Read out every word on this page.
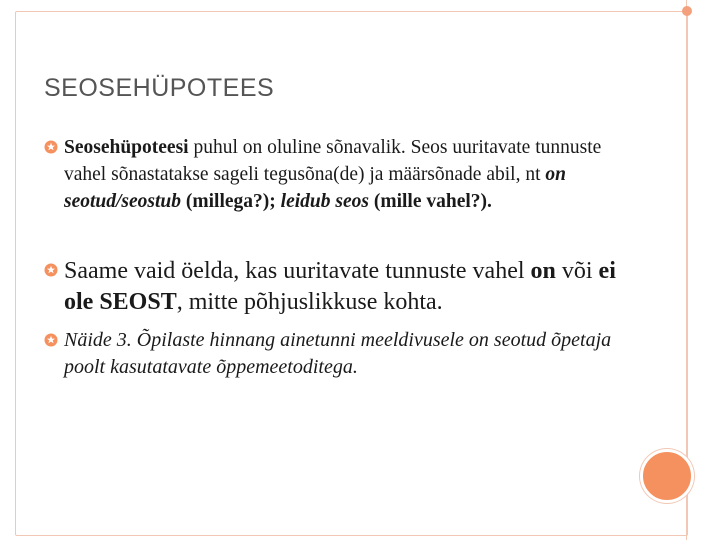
SEOSEHÜPOTEES
Seosehüpoteesi puhul on oluline sõnavalik. Seos uuritavate tunnuste vahel sõnastatakse sageli tegusõna(de) ja määrsõnade abil, nt on seotud/seostub (millega?); leidub seos (mille vahel?).
Saame vaid öelda, kas uuritavate tunnuste vahel on või ei ole SEOST, mitte põhjuslikkuse kohta.
Näide 3. Õpilaste hinnang ainetunni meeldivusele on seotud õpetaja poolt kasutatavate õppemeetoditega.
